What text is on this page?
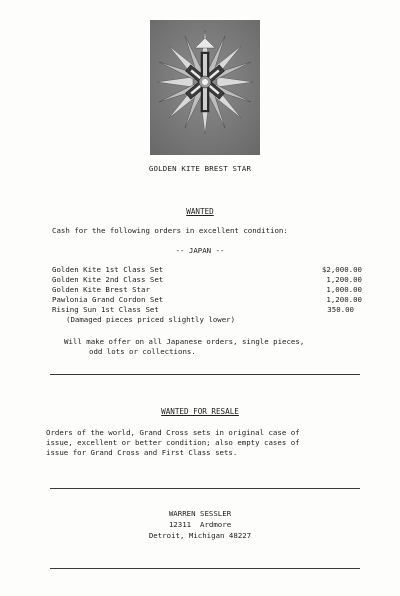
GOLDEN KITE BREST STAR
WANTED
Cash for the following orders in excellent condition:
-- JAPAN --
Golden Kite 1st Class Set	$2,000.00
Golden Kite 2nd Class Set	1,200.00
Golden Kite Brest Star	1,000.00
Pawlonia Grand Cordon Set	1,200.00
Rising Sun 1st Class Set	350.00
(Damaged pieces priced slightly lower)
Will make offer on all Japanese orders, single pieces,
odd lots or collections.
WANTED FOR RESALE
Orders of the world, Grand Cross sets in original case of
issue, excellent or better condition; also empty cases of
issue for Grand Cross and First Class sets.
WARREN SESSLER
12311  Ardmore
Detroit, Michigan 48227
